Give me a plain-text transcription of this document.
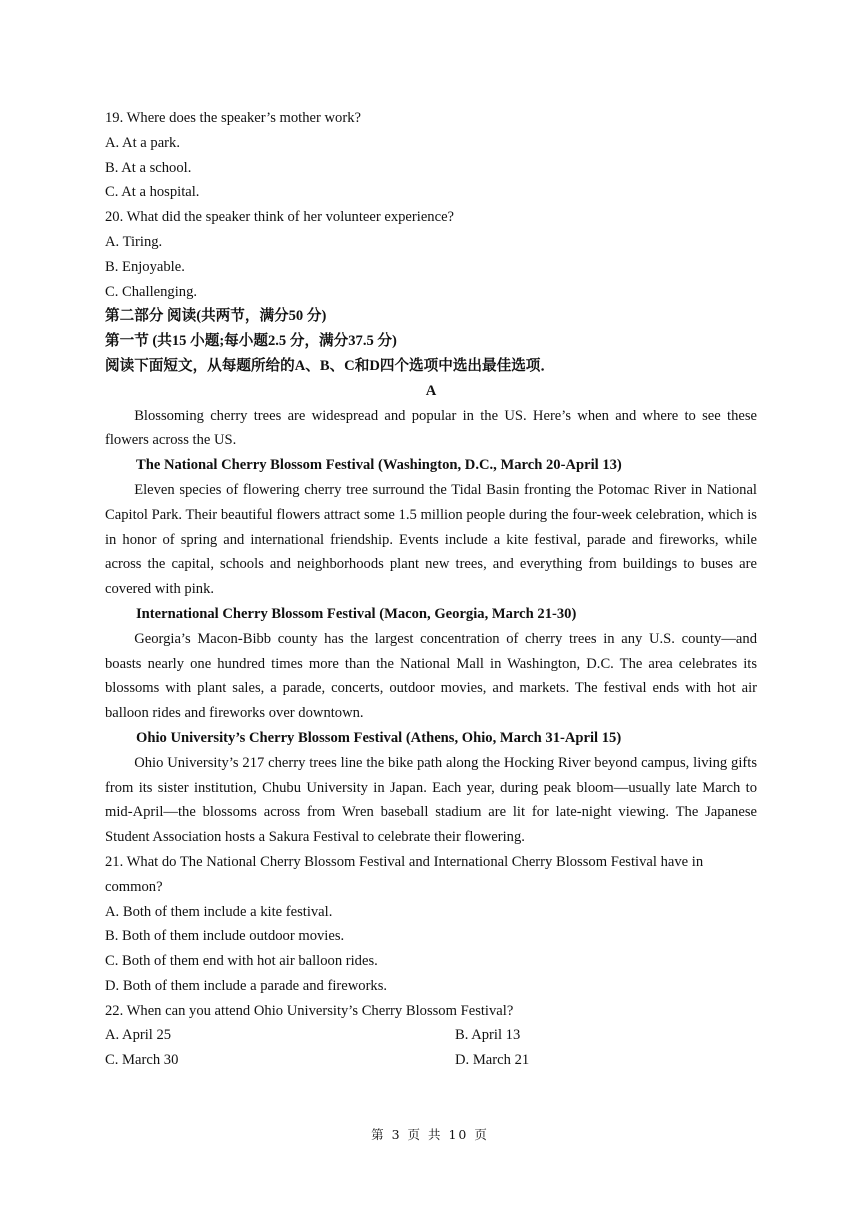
19. Where does the speaker’s mother work?
A. At a park.
B. At a school.
C. At a hospital.
20. What did the speaker think of her volunteer experience?
A. Tiring.
B. Enjoyable.
C. Challenging.
第二部分 阅读(共两节，满分50 分)
第一节 (共15 小题;每小题2.5 分，满分37.5 分)
阅读下面短文，从每题所给的A、B、C和D四个选项中选出最佳选项．
A
Blossoming cherry trees are widespread and popular in the US. Here’s when and where to see these flowers across the US.
The National Cherry Blossom Festival (Washington, D.C., March 20-April 13)
Eleven species of flowering cherry tree surround the Tidal Basin fronting the Potomac River in National Capitol Park. Their beautiful flowers attract some 1.5 million people during the four-week celebration, which is in honor of spring and international friendship. Events include a kite festival, parade and fireworks, while across the capital, schools and neighborhoods plant new trees, and everything from buildings to buses are covered with pink.
International Cherry Blossom Festival (Macon, Georgia, March 21-30)
Georgia’s Macon-Bibb county has the largest concentration of cherry trees in any U.S. county—and boasts nearly one hundred times more than the National Mall in Washington, D.C. The area celebrates its blossoms with plant sales, a parade, concerts, outdoor movies, and markets. The festival ends with hot air balloon rides and fireworks over downtown.
Ohio University’s Cherry Blossom Festival (Athens, Ohio, March 31-April 15)
Ohio University’s 217 cherry trees line the bike path along the Hocking River beyond campus, living gifts from its sister institution, Chubu University in Japan. Each year, during peak bloom—usually late March to mid-April—the blossoms across from Wren baseball stadium are lit for late-night viewing. The Japanese Student Association hosts a Sakura Festival to celebrate their flowering.
21. What do The National Cherry Blossom Festival and International Cherry Blossom Festival have in
common?
A. Both of them include a kite festival.
B. Both of them include outdoor movies.
C. Both of them end with hot air balloon rides.
D. Both of them include a parade and fireworks.
22. When can you attend Ohio University’s Cherry Blossom Festival?
A. April 25	B. April 13
C. March 30	D. March 21
第 3 页 共 10 页
